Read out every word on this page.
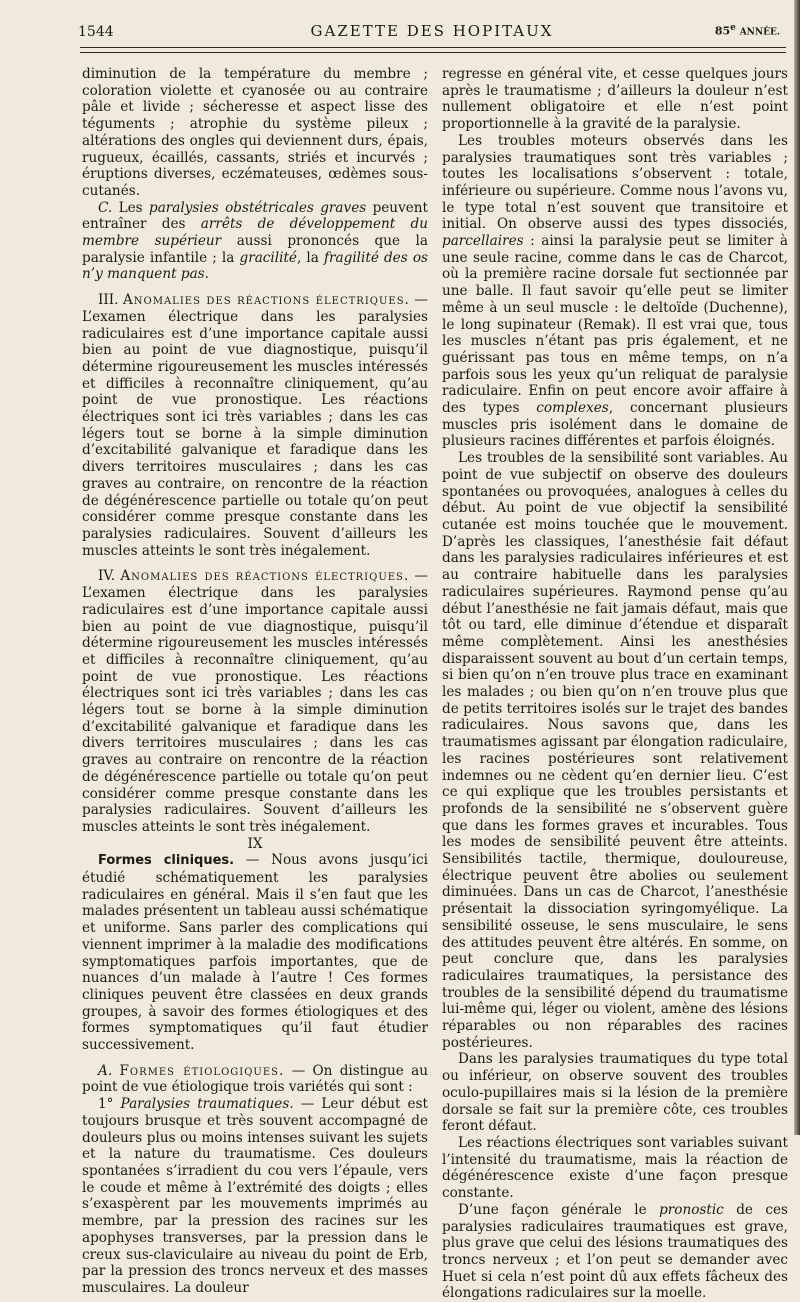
1544	GAZETTE DES HOPITAUX	85e ANNÉE.

diminution de la température du membre ; coloration violette et cyanosée ou au contraire pâle et livide ; sécheresse et aspect lisse des téguments ; atrophie du système pileux ; altérations des ongles qui deviennent durs, épais, rugueux, écaillés, cassants, striés et incurvés ; éruptions diverses, eczémateuses, œdèmes sous-cutanés.

C. Les paralysies obstétricales graves peuvent entraîner des arrêts de développement du membre supérieur aussi prononcés que la paralysie infantile ; la gracilité, la fragilité des os n’y manquent pas.

III. Anomalies des réactions électriques. — L’examen électrique dans les paralysies radiculaires est d’une importance capitale aussi bien au point de vue diagnostique, puisqu’il détermine rigoureusement les muscles intéressés et difficiles à reconnaître cliniquement, qu’au point de vue pronostique. Les réactions électriques sont ici très variables ; dans les cas légers tout se borne à la simple diminution d’excitabilité galvanique et faradique dans les divers territoires musculaires ; dans les cas graves au contraire, on rencontre de la réaction de dégénérescence partielle ou totale qu’on peut considérer comme presque constante dans les paralysies radiculaires. Souvent d’ailleurs les muscles atteints le sont très inégalement.

IV. Anomalies des réactions électriques. — L’examen électrique dans les paralysies radiculaires est d’une importance capitale aussi bien au point de vue diagnostique, puisqu’il détermine rigoureusement les muscles intéressés et difficiles à reconnaître cliniquement, qu’au point de vue pronostique. Les réactions électriques sont ici très variables ; dans les cas légers tout se borne à la simple diminution d’excitabilité galvanique et faradique dans les divers territoires musculaires ; dans les cas graves au contraire on rencontre de la réaction de dégénérescence partielle ou totale qu’on peut considérer comme presque constante dans les paralysies radiculaires. Souvent d’ailleurs les muscles atteints le sont très inégalement.

IX

Formes cliniques. — Nous avons jusqu’ici étudié schématiquement les paralysies radiculaires en général. Mais il s’en faut que les malades présentent un tableau aussi schématique et uniforme. Sans parler des complications qui viennent imprimer à la maladie des modifications symptomatiques parfois importantes, que de nuances d’un malade à l’autre ! Ces formes cliniques peuvent être classées en deux grands groupes, à savoir des formes étiologiques et des formes symptomatiques qu’il faut étudier successivement.

A. Formes étiologiques. — On distingue au point de vue étiologique trois variétés qui sont :

1° Paralysies traumatiques. — Leur début est toujours brusque et très souvent accompagné de douleurs plus ou moins intenses suivant les sujets et la nature du traumatisme. Ces douleurs spontanées s’irradient du cou vers l’épaule, vers le coude et même à l’extrémité des doigts ; elles s’exaspèrent par les mouvements imprimés au membre, par la pression des racines sur les apophyses transverses, par la pression dans le creux sus-claviculaire au niveau du point de Erb, par la pression des troncs nerveux et des masses musculaires. La douleur

regresse en général vite, et cesse quelques jours après le traumatisme ; d’ailleurs la douleur n’est nullement obligatoire et elle n’est point proportionnelle à la gravité de la paralysie.

Les troubles moteurs observés dans les paralysies traumatiques sont très variables ; toutes les localisations s’observent : totale, inférieure ou supérieure. Comme nous l’avons vu, le type total n’est souvent que transitoire et initial. On observe aussi des types dissociés, parcellaires : ainsi la paralysie peut se limiter à une seule racine, comme dans le cas de Charcot, où la première racine dorsale fut sectionnée par une balle. Il faut savoir qu’elle peut se limiter même à un seul muscle : le deltoïde (Duchenne), le long supinateur (Remak). Il est vrai que, tous les muscles n’étant pas pris également, et ne guérissant pas tous en même temps, on n’a parfois sous les yeux qu’un reliquat de paralysie radiculaire. Enfin on peut encore avoir affaire à des types complexes, concernant plusieurs muscles pris isolément dans le domaine de plusieurs racines différentes et parfois éloignés.

Les troubles de la sensibilité sont variables. Au point de vue subjectif on observe des douleurs spontanées ou provoquées, analogues à celles du début. Au point de vue objectif la sensibilité cutanée est moins touchée que le mouvement. D’après les classiques, l’anesthésie fait défaut dans les paralysies radiculaires inférieures et est au contraire habituelle dans les paralysies radiculaires supérieures. Raymond pense qu’au début l’anesthésie ne fait jamais défaut, mais que tôt ou tard, elle diminue d’étendue et disparaît même complètement. Ainsi les anesthésies disparaissent souvent au bout d’un certain temps, si bien qu’on n’en trouve plus trace en examinant les malades ; ou bien qu’on n’en trouve plus que de petits territoires isolés sur le trajet des bandes radiculaires. Nous savons que, dans les traumatismes agissant par élongation radiculaire, les racines postérieures sont relativement indemnes ou ne cèdent qu’en dernier lieu. C’est ce qui explique que les troubles persistants et profonds de la sensibilité ne s’observent guère que dans les formes graves et incurables. Tous les modes de sensibilité peuvent être atteints. Sensibilités tactile, thermique, douloureuse, électrique peuvent être abolies ou seulement diminuées. Dans un cas de Charcot, l’anesthésie présentait la dissociation syringomyélique. La sensibilité osseuse, le sens musculaire, le sens des attitudes peuvent être altérés. En somme, on peut conclure que, dans les paralysies radiculaires traumatiques, la persistance des troubles de la sensibilité dépend du traumatisme lui-même qui, léger ou violent, amène des lésions réparables ou non réparables des racines postérieures.

Dans les paralysies traumatiques du type total ou inférieur, on observe souvent des troubles oculo-pupillaires mais si la lésion de la première dorsale se fait sur la première côte, ces troubles feront défaut.

Les réactions électriques sont variables suivant l’intensité du traumatisme, mais la réaction de dégénérescence existe d’une façon presque constante.

D’une façon générale le pronostic de ces paralysies radiculaires traumatiques est grave, plus grave que celui des lésions traumatiques des troncs nerveux ; et l’on peut se demander avec Huet si cela n’est point dû aux effets fâcheux des élongations radiculaires sur la moelle.
